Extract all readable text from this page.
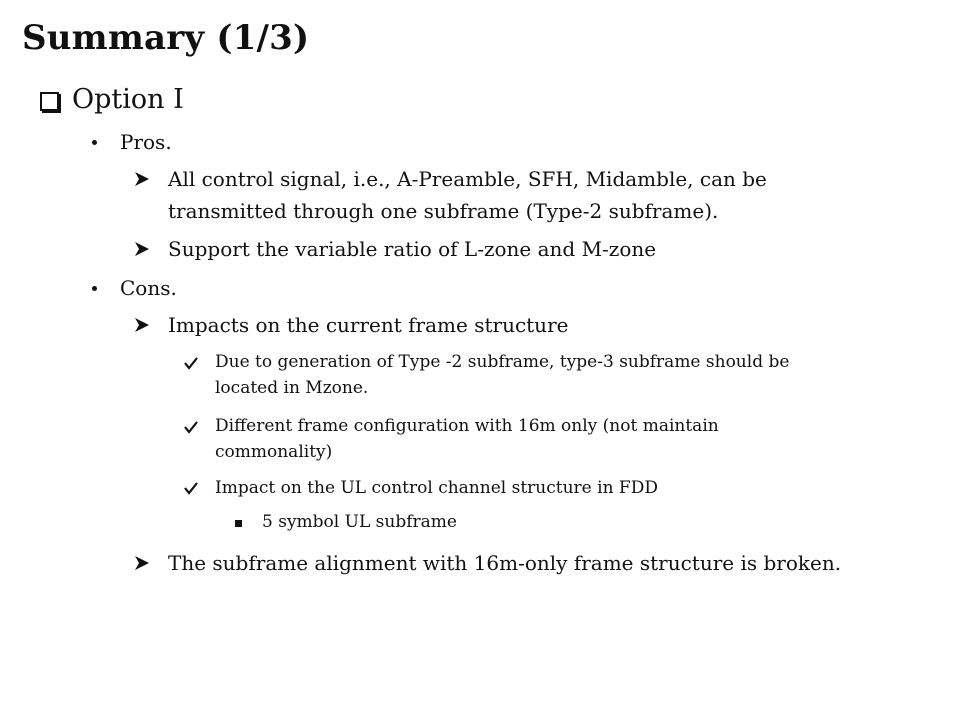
Summary (1/3)
Option I
Pros.
All control signal, i.e., A-Preamble, SFH, Midamble, can be
transmitted through one subframe (Type-2 subframe).
Support the variable ratio of L-zone and M-zone
Cons.
Impacts on the current frame structure
Due to generation of Type -2 subframe, type-3 subframe should be
located in Mzone.
Different frame configuration with 16m only (not maintain
commonality)
Impact on the UL control channel structure in FDD
5 symbol UL subframe
The subframe alignment with 16m-only frame structure is broken.
